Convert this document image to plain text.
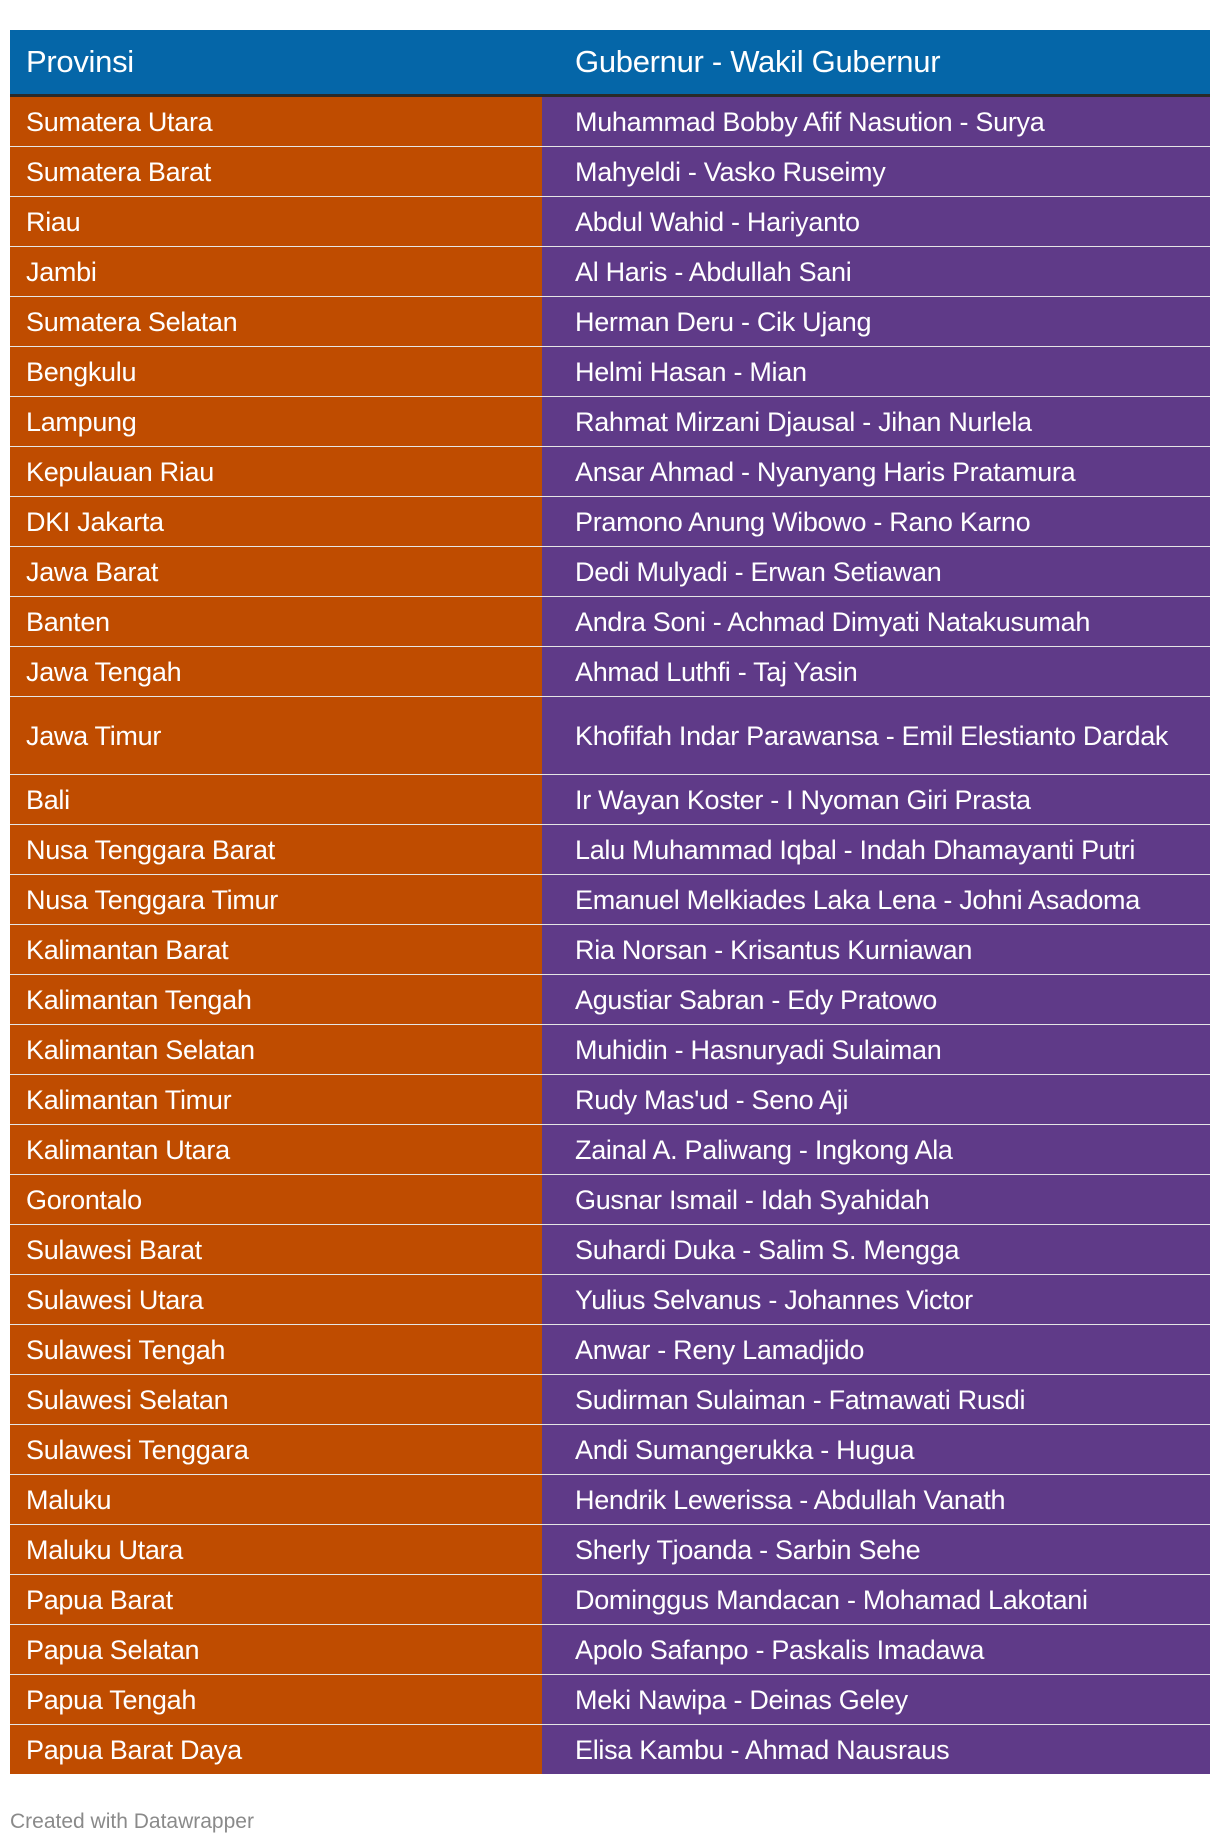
Provinsi	Gubernur - Wakil Gubernur
Sumatera Utara	Muhammad Bobby Afif Nasution - Surya
Sumatera Barat	Mahyeldi - Vasko Ruseimy
Riau	Abdul Wahid - Hariyanto
Jambi	Al Haris - Abdullah Sani
Sumatera Selatan	Herman Deru - Cik Ujang
Bengkulu	Helmi Hasan - Mian
Lampung	Rahmat Mirzani Djausal - Jihan Nurlela
Kepulauan Riau	Ansar Ahmad - Nyanyang Haris Pratamura
DKI Jakarta	Pramono Anung Wibowo - Rano Karno
Jawa Barat	Dedi Mulyadi - Erwan Setiawan
Banten	Andra Soni - Achmad Dimyati Natakusumah
Jawa Tengah	Ahmad Luthfi - Taj Yasin
Jawa Timur	Khofifah Indar Parawansa - Emil Elestianto Dardak
Bali	Ir Wayan Koster - I Nyoman Giri Prasta
Nusa Tenggara Barat	Lalu Muhammad Iqbal - Indah Dhamayanti Putri
Nusa Tenggara Timur	Emanuel Melkiades Laka Lena - Johni Asadoma
Kalimantan Barat	Ria Norsan - Krisantus Kurniawan
Kalimantan Tengah	Agustiar Sabran - Edy Pratowo
Kalimantan Selatan	Muhidin - Hasnuryadi Sulaiman
Kalimantan Timur	Rudy Mas'ud - Seno Aji
Kalimantan Utara	Zainal A. Paliwang - Ingkong Ala
Gorontalo	Gusnar Ismail - Idah Syahidah
Sulawesi Barat	Suhardi Duka - Salim S. Mengga
Sulawesi Utara	Yulius Selvanus - Johannes Victor
Sulawesi Tengah	Anwar - Reny Lamadjido
Sulawesi Selatan	Sudirman Sulaiman - Fatmawati Rusdi
Sulawesi Tenggara	Andi Sumangerukka - Hugua
Maluku	Hendrik Lewerissa - Abdullah Vanath
Maluku Utara	Sherly Tjoanda - Sarbin Sehe
Papua Barat	Dominggus Mandacan - Mohamad Lakotani
Papua Selatan	Apolo Safanpo - Paskalis Imadawa
Papua Tengah	Meki Nawipa - Deinas Geley
Papua Barat Daya	Elisa Kambu - Ahmad Nausraus
Created with Datawrapper
